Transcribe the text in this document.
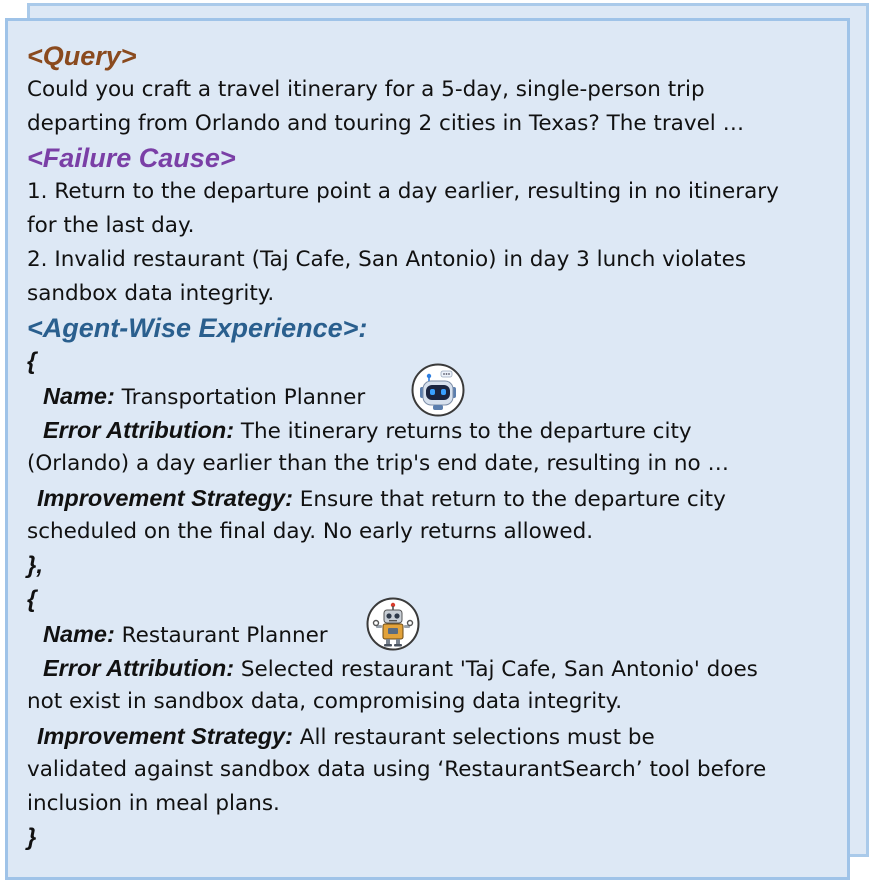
<Query>
Could you craft a travel itinerary for a 5-day, single-person trip
departing from Orlando and touring 2 cities in Texas? The travel …
<Failure Cause>
1. Return to the departure point a day earlier, resulting in no itinerary
for the last day.
2. Invalid restaurant (Taj Cafe, San Antonio) in day 3 lunch violates
sandbox data integrity.
<Agent-Wise Experience>:
{
Name: Transportation Planner
Error Attribution: The itinerary returns to the departure city
(Orlando) a day earlier than the trip's end date, resulting in no …
Improvement Strategy: Ensure that return to the departure city
scheduled on the final day. No early returns allowed.
},
{
Name: Restaurant Planner
Error Attribution: Selected restaurant 'Taj Cafe, San Antonio' does
not exist in sandbox data, compromising data integrity.
Improvement Strategy: All restaurant selections must be
validated against sandbox data using ‘RestaurantSearch’ tool before
inclusion in meal plans.
}
